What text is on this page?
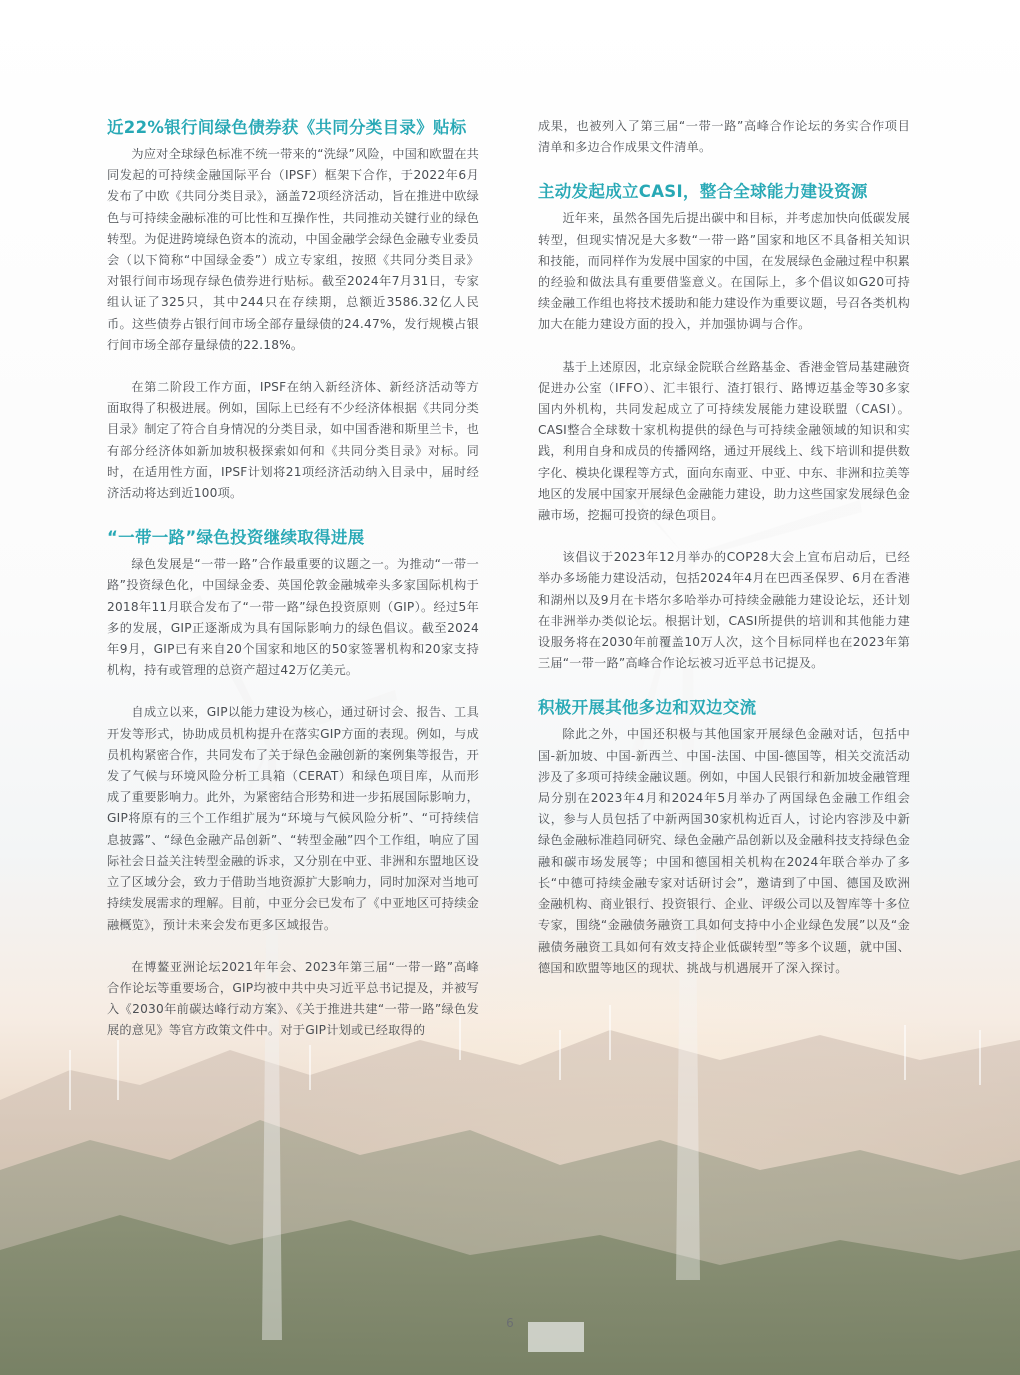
近22%银行间绿色债券获《共同分类目录》贴标

为应对全球绿色标准不统一带来的“洗绿”风险，中国和欧盟在共同发起的可持续金融国际平台（IPSF）框架下合作，于2022年6月发布了中欧《共同分类目录》，涵盖72项经济活动，旨在推进中欧绿色与可持续金融标准的可比性和互操作性，共同推动关键行业的绿色转型。为促进跨境绿色资本的流动，中国金融学会绿色金融专业委员会（以下简称“中国绿金委”）成立专家组，按照《共同分类目录》对银行间市场现存绿色债券进行贴标。截至2024年7月31日，专家组认证了325只，其中244只在存续期，总额近3586.32亿人民币。这些债券占银行间市场全部存量绿债的24.47%，发行规模占银行间市场全部存量绿债的22.18%。

在第二阶段工作方面，IPSF在纳入新经济体、新经济活动等方面取得了积极进展。例如，国际上已经有不少经济体根据《共同分类目录》制定了符合自身情况的分类目录，如中国香港和斯里兰卡，也有部分经济体如新加坡积极探索如何和《共同分类目录》对标。同时，在适用性方面，IPSF计划将21项经济活动纳入目录中，届时经济活动将达到近100项。

“一带一路”绿色投资继续取得进展

绿色发展是“一带一路”合作最重要的议题之一。为推动“一带一路”投资绿色化，中国绿金委、英国伦敦金融城牵头多家国际机构于2018年11月联合发布了“一带一路”绿色投资原则（GIP）。经过5年多的发展，GIP正逐渐成为具有国际影响力的绿色倡议。截至2024年9月，GIP已有来自20个国家和地区的50家签署机构和20家支持机构，持有或管理的总资产超过42万亿美元。

自成立以来，GIP以能力建设为核心，通过研讨会、报告、工具开发等形式，协助成员机构提升在落实GIP方面的表现。例如，与成员机构紧密合作，共同发布了关于绿色金融创新的案例集等报告，开发了气候与环境风险分析工具箱（CERAT）和绿色项目库，从而形成了重要影响力。此外，为紧密结合形势和进一步拓展国际影响力，GIP将原有的三个工作组扩展为“环境与气候风险分析”、“可持续信息披露”、“绿色金融产品创新”、“转型金融”四个工作组，响应了国际社会日益关注转型金融的诉求，又分别在中亚、非洲和东盟地区设立了区域分会，致力于借助当地资源扩大影响力，同时加深对当地可持续发展需求的理解。目前，中亚分会已发布了《中亚地区可持续金融概览》，预计未来会发布更多区域报告。

在博鳌亚洲论坛2021年年会、2023年第三届“一带一路”高峰合作论坛等重要场合，GIP均被中共中央习近平总书记提及，并被写入《2030年前碳达峰行动方案》、《关于推进共建“一带一路”绿色发展的意见》等官方政策文件中。对于GIP计划或已经取得的

成果，也被列入了第三届“一带一路”高峰合作论坛的务实合作项目清单和多边合作成果文件清单。

主动发起成立CASI，整合全球能力建设资源

近年来，虽然各国先后提出碳中和目标，并考虑加快向低碳发展转型，但现实情况是大多数“一带一路”国家和地区不具备相关知识和技能，而同样作为发展中国家的中国，在发展绿色金融过程中积累的经验和做法具有重要借鉴意义。在国际上，多个倡议如G20可持续金融工作组也将技术援助和能力建设作为重要议题，号召各类机构加大在能力建设方面的投入，并加强协调与合作。

基于上述原因，北京绿金院联合丝路基金、香港金管局基建融资促进办公室（IFFO）、汇丰银行、渣打银行、路博迈基金等30多家国内外机构，共同发起成立了可持续发展能力建设联盟（CASI）。CASI整合全球数十家机构提供的绿色与可持续金融领域的知识和实践，利用自身和成员的传播网络，通过开展线上、线下培训和提供数字化、模块化课程等方式，面向东南亚、中亚、中东、非洲和拉美等地区的发展中国家开展绿色金融能力建设，助力这些国家发展绿色金融市场，挖掘可投资的绿色项目。

该倡议于2023年12月举办的COP28大会上宣布启动后，已经举办多场能力建设活动，包括2024年4月在巴西圣保罗、6月在香港和湖州以及9月在卡塔尔多哈举办可持续金融能力建设论坛，还计划在非洲举办类似论坛。根据计划，CASI所提供的培训和其他能力建设服务将在2030年前覆盖10万人次，这个目标同样也在2023年第三届“一带一路”高峰合作论坛被习近平总书记提及。

积极开展其他多边和双边交流

除此之外，中国还积极与其他国家开展绿色金融对话，包括中国-新加坡、中国-新西兰、中国-法国、中国-德国等，相关交流活动涉及了多项可持续金融议题。例如，中国人民银行和新加坡金融管理局分别在2023年4月和2024年5月举办了两国绿色金融工作组会议，参与人员包括了中新两国30家机构近百人，讨论内容涉及中新绿色金融标准趋同研究、绿色金融产品创新以及金融科技支持绿色金融和碳市场发展等；中国和德国相关机构在2024年联合举办了多长“中德可持续金融专家对话研讨会”，邀请到了中国、德国及欧洲金融机构、商业银行、投资银行、企业、评级公司以及智库等十多位专家，围绕“金融债务融资工具如何支持中小企业绿色发展”以及“金融债务融资工具如何有效支持企业低碳转型”等多个议题，就中国、德国和欧盟等地区的现状、挑战与机遇展开了深入探讨。

6
